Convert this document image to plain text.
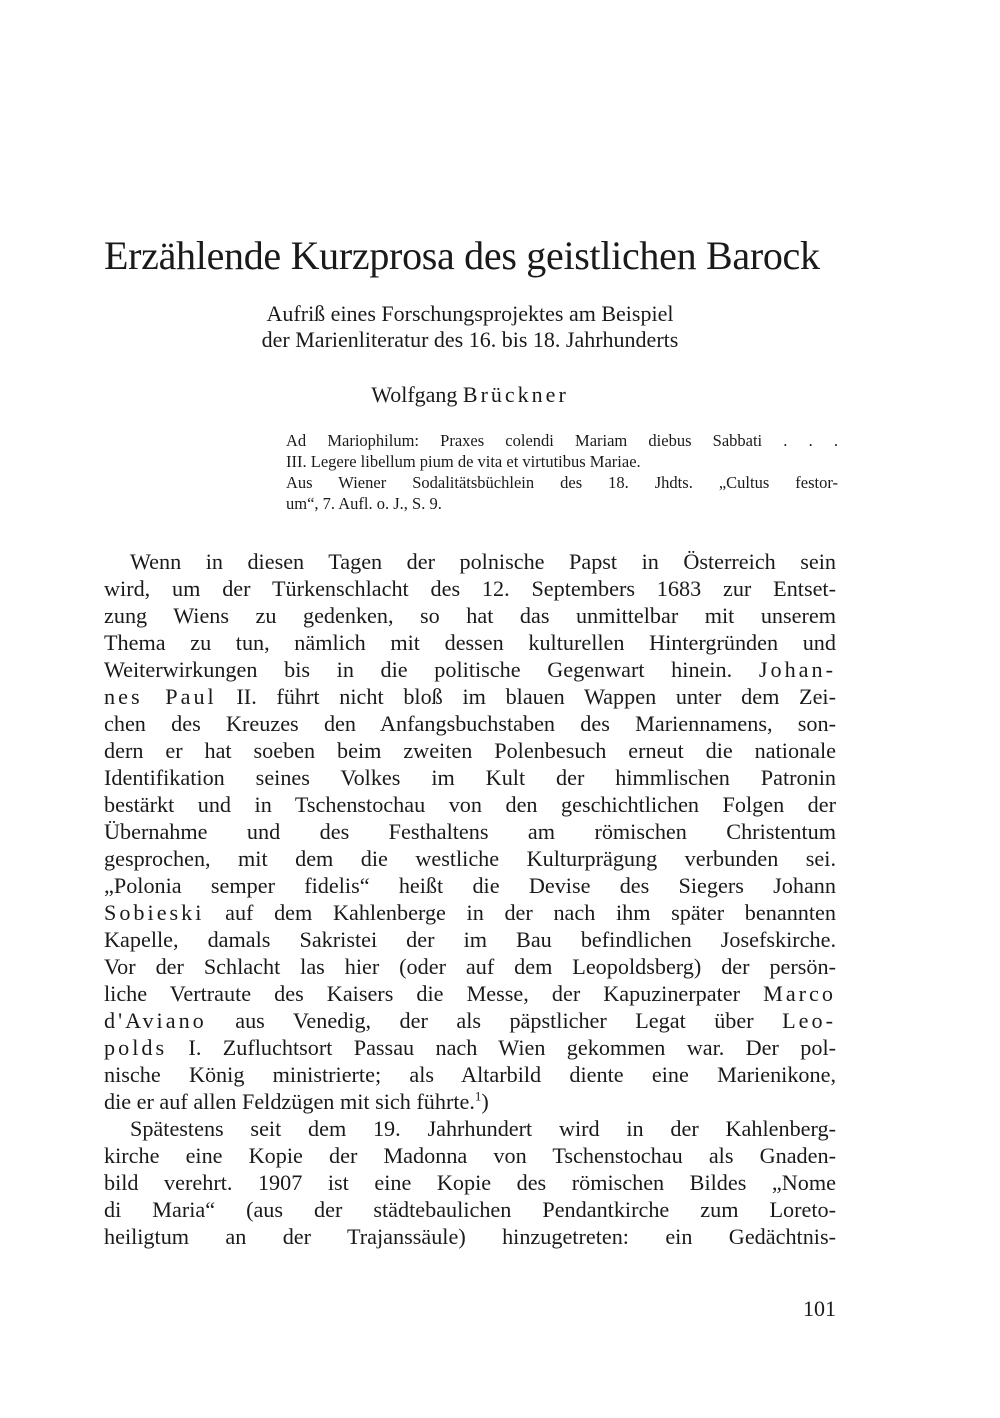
Erzählende Kurzprosa des geistlichen Barock
Aufriß eines Forschungsprojektes am Beispiel
der Marienliteratur des 16. bis 18. Jahrhunderts
Wolfgang Brückner
Ad Mariophilum: Praxes colendi Mariam diebus Sabbati . . .
III. Legere libellum pium de vita et virtutibus Mariae.
Aus Wiener Sodalitätsbüchlein des 18. Jhdts. „Cultus festor-
um“, 7. Aufl. o. J., S. 9.
Wenn in diesen Tagen der polnische Papst in Österreich sein
wird, um der Türkenschlacht des 12. Septembers 1683 zur Entset-
zung Wiens zu gedenken, so hat das unmittelbar mit unserem
Thema zu tun, nämlich mit dessen kulturellen Hintergründen und
Weiterwirkungen bis in die politische Gegenwart hinein. Johan-
nes Paul II. führt nicht bloß im blauen Wappen unter dem Zei-
chen des Kreuzes den Anfangsbuchstaben des Mariennamens, son-
dern er hat soeben beim zweiten Polenbesuch erneut die nationale
Identifikation seines Volkes im Kult der himmlischen Patronin
bestärkt und in Tschenstochau von den geschichtlichen Folgen der
Übernahme und des Festhaltens am römischen Christentum
gesprochen, mit dem die westliche Kulturprägung verbunden sei.
„Polonia semper fidelis“ heißt die Devise des Siegers Johann
Sobieski auf dem Kahlenberge in der nach ihm später benannten
Kapelle, damals Sakristei der im Bau befindlichen Josefskirche.
Vor der Schlacht las hier (oder auf dem Leopoldsberg) der persön-
liche Vertraute des Kaisers die Messe, der Kapuzinerpater Marco
d'Aviano aus Venedig, der als päpstlicher Legat über Leo-
polds I. Zufluchtsort Passau nach Wien gekommen war. Der pol-
nische König ministrierte; als Altarbild diente eine Marienikone,
die er auf allen Feldzügen mit sich führte.$^1$)
Spätestens seit dem 19. Jahrhundert wird in der Kahlenberg-
kirche eine Kopie der Madonna von Tschenstochau als Gnaden-
bild verehrt. 1907 ist eine Kopie des römischen Bildes „Nome
di Maria“ (aus der städtebaulichen Pendantkirche zum Loreto-
heiligtum an der Trajanssäule) hinzugetreten: ein Gedächtnis-
101
